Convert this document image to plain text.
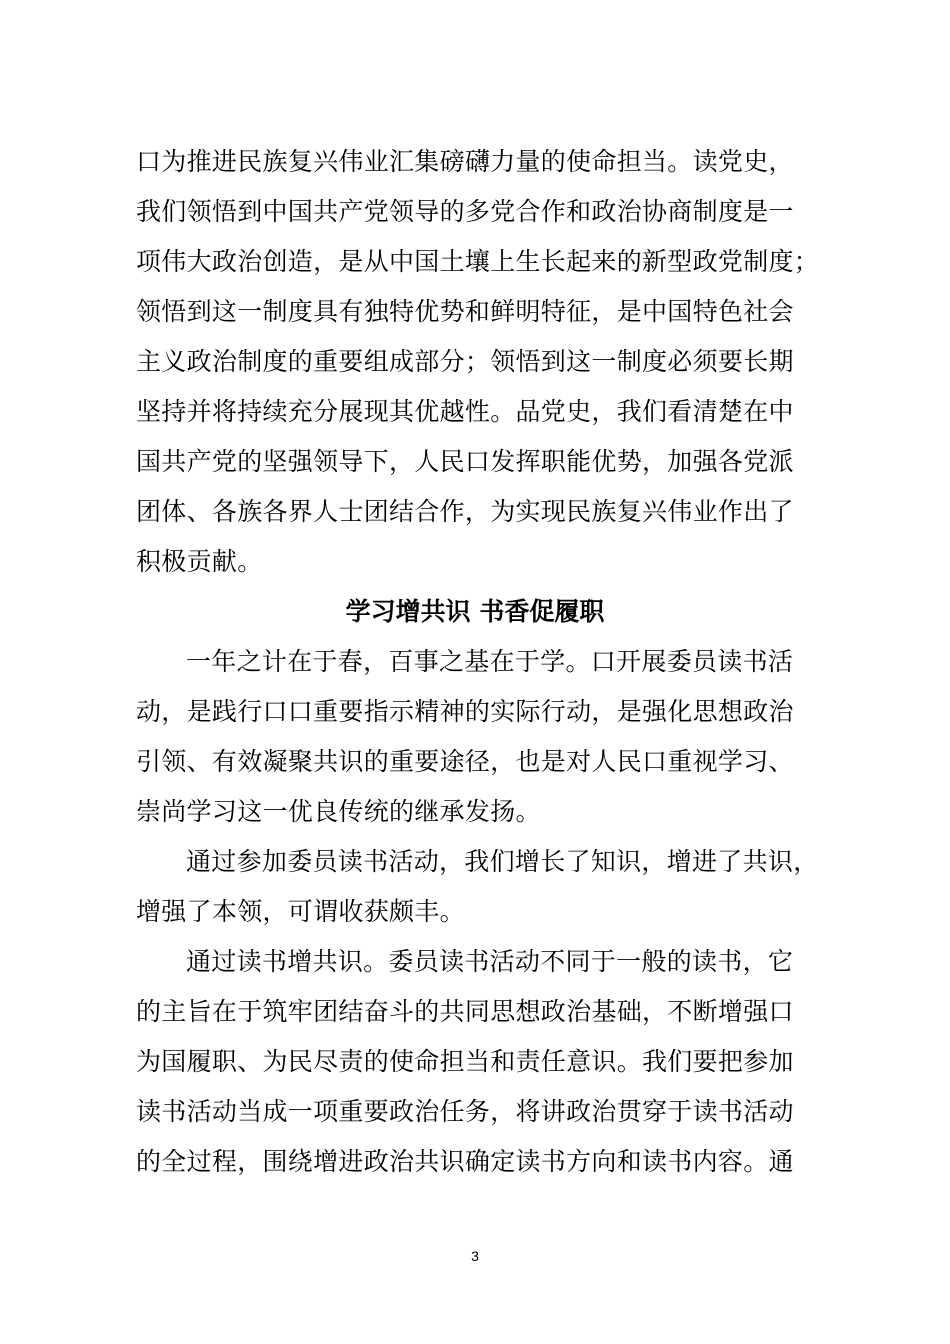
口为推进民族复兴伟业汇集磅礴力量的使命担当。读党史，
我们领悟到中国共产党领导的多党合作和政治协商制度是一
项伟大政治创造，是从中国土壤上生长起来的新型政党制度；
领悟到这一制度具有独特优势和鲜明特征，是中国特色社会
主义政治制度的重要组成部分；领悟到这一制度必须要长期
坚持并将持续充分展现其优越性。品党史，我们看清楚在中
国共产党的坚强领导下，人民口发挥职能优势，加强各党派
团体、各族各界人士团结合作，为实现民族复兴伟业作出了
积极贡献。
学习增共识 书香促履职
一年之计在于春，百事之基在于学。口开展委员读书活
动，是践行口口重要指示精神的实际行动，是强化思想政治
引领、有效凝聚共识的重要途径，也是对人民口重视学习、
崇尚学习这一优良传统的继承发扬。
通过参加委员读书活动，我们增长了知识，增进了共识，
增强了本领，可谓收获颇丰。
通过读书增共识。委员读书活动不同于一般的读书，它
的主旨在于筑牢团结奋斗的共同思想政治基础，不断增强口
为国履职、为民尽责的使命担当和责任意识。我们要把参加
读书活动当成一项重要政治任务，将讲政治贯穿于读书活动
的全过程，围绕增进政治共识确定读书方向和读书内容。通
3
